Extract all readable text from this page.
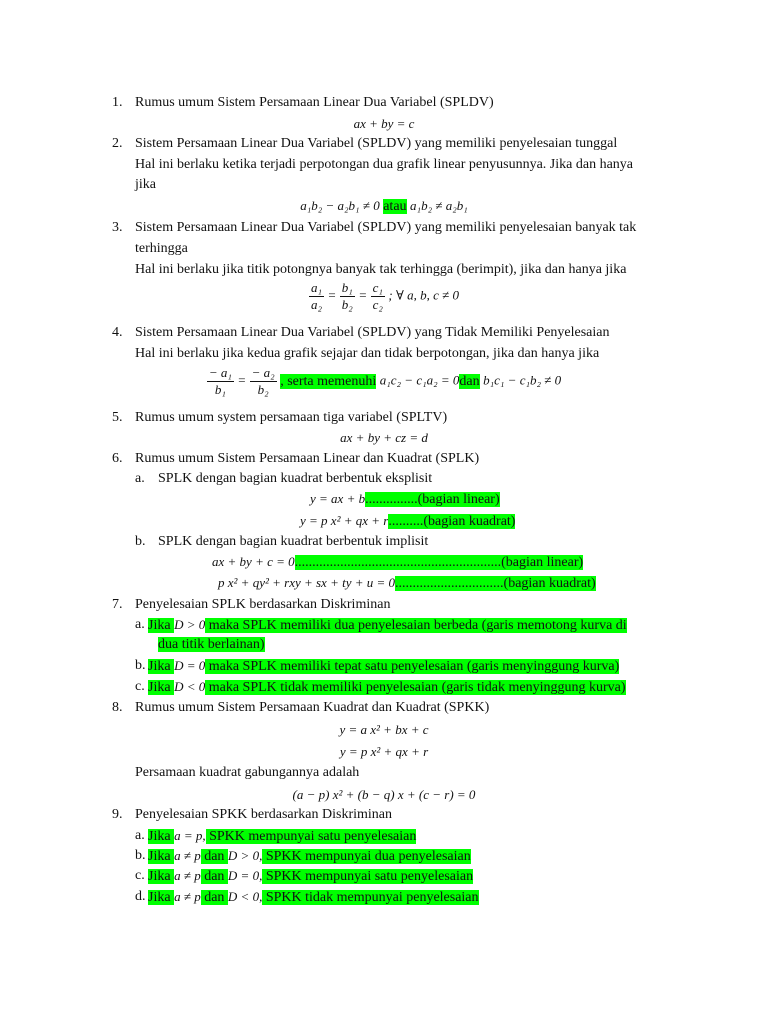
1. Rumus umum Sistem Persamaan Linear Dua Variabel (SPLDV)
ax + by = c
2. Sistem Persamaan Linear Dua Variabel (SPLDV) yang memiliki penyelesaian tunggal
Hal ini berlaku ketika terjadi perpotongan dua grafik linear penyusunnya. Jika dan hanya
jika
a₁b₂ − a₂b₁ ≠ 0 atau a₁b₂ ≠ a₂b₁
3. Sistem Persamaan Linear Dua Variabel (SPLDV) yang memiliki penyelesaian banyak tak
terhingga
Hal ini berlaku jika titik potongnya banyak tak terhingga (berimpit), jika dan hanya jika
$\frac{\text{a₁}}{\text{a₂}} = \frac{\text{b₁}}{\text{b₂}} = \frac{\text{c₁}}{\text{c₂}}$ ; ∀ a, b, c ≠ 0
4. Sistem Persamaan Linear Dua Variabel (SPLDV) yang Tidak Memiliki Penyelesaian
Hal ini berlaku jika kedua grafik sejajar dan tidak berpotongan, jika dan hanya jika
$\frac{\text{− a₁}}{\text{b₁}} = \frac{\text{− a₂}}{\text{b₂}}$ , serta memenuhi a₁c₂ − c₁a₂ = 0dan b₁c₁ − c₁b₂ ≠ 0
5. Rumus umum system persamaan tiga variabel (SPLTV)
ax + by + cz = d
6. Rumus umum Sistem Persamaan Linear dan Kuadrat (SPLK)
a. SPLK dengan bagian kuadrat berbentuk eksplisit
y = ax + b...............(bagian linear)
y = p x² + qx + r..........(bagian kuadrat)
b. SPLK dengan bagian kuadrat berbentuk implisit
ax + by + c = 0...........................................................(bagian linear)
p x² + qy² + rxy + sx + ty + u = 0...............................(bagian kuadrat)
7. Penyelesaian SPLK berdasarkan Diskriminan
a. Jika D > 0 maka SPLK memiliki dua penyelesaian berbeda (garis memotong kurva di
dua titik berlainan)
b. Jika D = 0 maka SPLK memiliki tepat satu penyelesaian (garis menyinggung kurva)
c. Jika D < 0 maka SPLK tidak memiliki penyelesaian (garis tidak menyinggung kurva)
8. Rumus umum Sistem Persamaan Kuadrat dan Kuadrat (SPKK)
y = a x² + bx + c
y = p x² + qx + r
Persamaan kuadrat gabungannya adalah
(a − p) x² + (b − q) x + (c − r) = 0
9. Penyelesaian SPKK berdasarkan Diskriminan
a. Jika a = p, SPKK mempunyai satu penyelesaian
b. Jika a ≠ p dan D > 0, SPKK mempunyai dua penyelesaian
c. Jika a ≠ p dan D = 0, SPKK mempunyai satu penyelesaian
d. Jika a ≠ p dan D < 0, SPKK tidak mempunyai penyelesaian
